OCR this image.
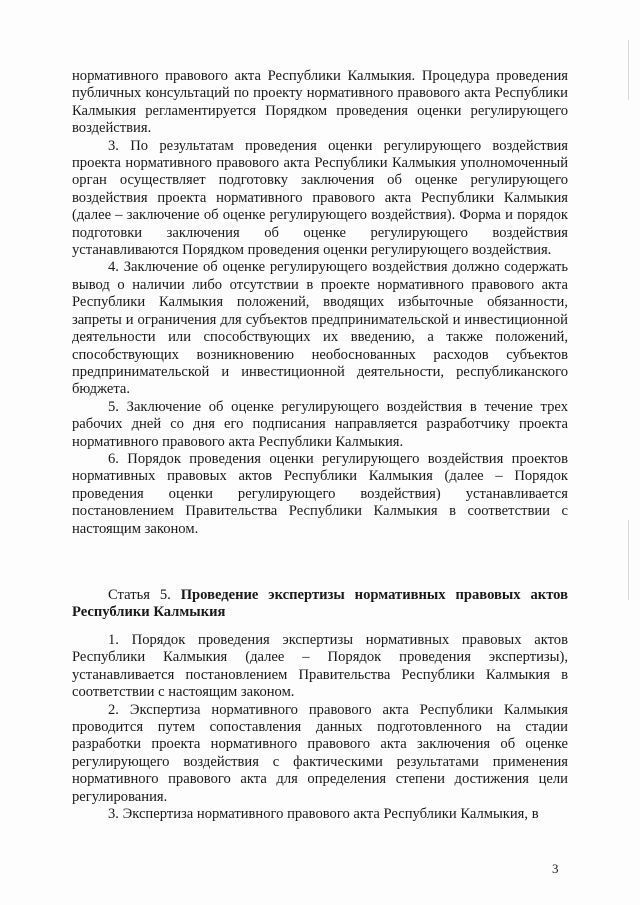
нормативного правового акта Республики Калмыкия. Процедура проведения публичных консультаций по проекту нормативного правового акта Республики Калмыкия регламентируется Порядком проведения оценки регулирующего воздействия.

3. По результатам проведения оценки регулирующего воздействия проекта нормативного правового акта Республики Калмыкия уполномоченный орган осуществляет подготовку заключения об оценке регулирующего воздействия проекта нормативного правового акта Республики Калмыкия (далее – заключение об оценке регулирующего воздействия). Форма и порядок подготовки заключения об оценке регулирующего воздействия устанавливаются Порядком проведения оценки регулирующего воздействия.

4. Заключение об оценке регулирующего воздействия должно содержать вывод о наличии либо отсутствии в проекте нормативного правового акта Республики Калмыкия положений, вводящих избыточные обязанности, запреты и ограничения для субъектов предпринимательской и инвестиционной деятельности или способствующих их введению, а также положений, способствующих возникновению необоснованных расходов субъектов предпринимательской и инвестиционной деятельности, республиканского бюджета.

5. Заключение об оценке регулирующего воздействия в течение трех рабочих дней со дня его подписания направляется разработчику проекта нормативного правового акта Республики Калмыкия.

6. Порядок проведения оценки регулирующего воздействия проектов нормативных правовых актов Республики Калмыкия (далее – Порядок проведения оценки регулирующего воздействия) устанавливается постановлением Правительства Республики Калмыкия в соответствии с настоящим законом.

Статья 5. Проведение экспертизы нормативных правовых актов Республики Калмыкия

1. Порядок проведения экспертизы нормативных правовых актов Республики Калмыкия (далее – Порядок проведения экспертизы), устанавливается постановлением Правительства Республики Калмыкия в соответствии с настоящим законом.

2. Экспертиза нормативного правового акта Республики Калмыкия проводится путем сопоставления данных подготовленного на стадии разработки проекта нормативного правового акта заключения об оценке регулирующего воздействия с фактическими результатами применения нормативного правового акта для определения степени достижения цели регулирования.

3. Экспертиза нормативного правового акта Республики Калмыкия, в

3
